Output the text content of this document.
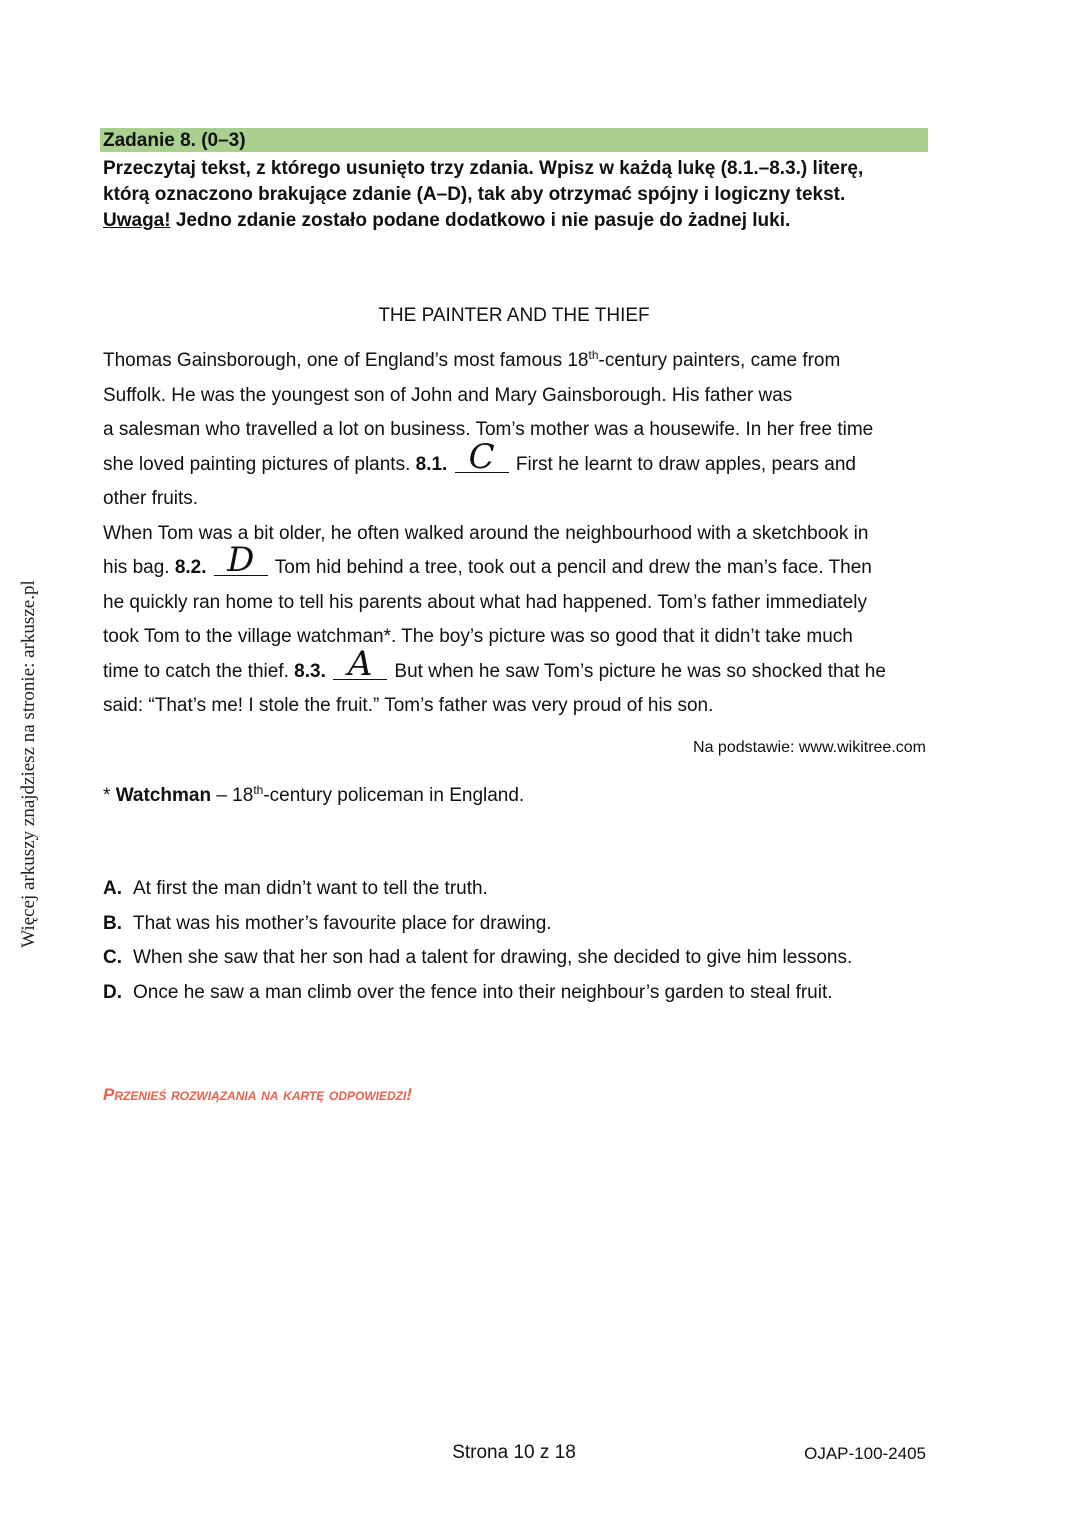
Więcej arkuszy znajdziesz na stronie: arkusze.pl
Zadanie 8. (0–3)
Przeczytaj tekst, z którego usunięto trzy zdania. Wpisz w każdą lukę (8.1.–8.3.) literę,
którą oznaczono brakujące zdanie (A–D), tak aby otrzymać spójny i logiczny tekst.
Uwaga! Jedno zdanie zostało podane dodatkowo i nie pasuje do żadnej luki.
THE PAINTER AND THE THIEF
Thomas Gainsborough, one of England’s most famous 18th-century painters, came from
Suffolk. He was the youngest son of John and Mary Gainsborough. His father was
a salesman who travelled a lot on business. Tom’s mother was a housewife. In her free time
she loved painting pictures of plants. 8.1. C First he learnt to draw apples, pears and
other fruits.
When Tom was a bit older, he often walked around the neighbourhood with a sketchbook in
his bag. 8.2. D Tom hid behind a tree, took out a pencil and drew the man’s face. Then
he quickly ran home to tell his parents about what had happened. Tom’s father immediately
took Tom to the village watchman*. The boy’s picture was so good that it didn’t take much
time to catch the thief. 8.3. A But when he saw Tom’s picture he was so shocked that he
said: “That’s me! I stole the fruit.” Tom’s father was very proud of his son.
Na podstawie: www.wikitree.com
* Watchman – 18th-century policeman in England.
A. At first the man didn’t want to tell the truth.
B. That was his mother’s favourite place for drawing.
C. When she saw that her son had a talent for drawing, she decided to give him lessons.
D. Once he saw a man climb over the fence into their neighbour’s garden to steal fruit.
Przenieś rozwiązania na kartę odpowiedzi!
Strona 10 z 18	OJAP-100-2405
